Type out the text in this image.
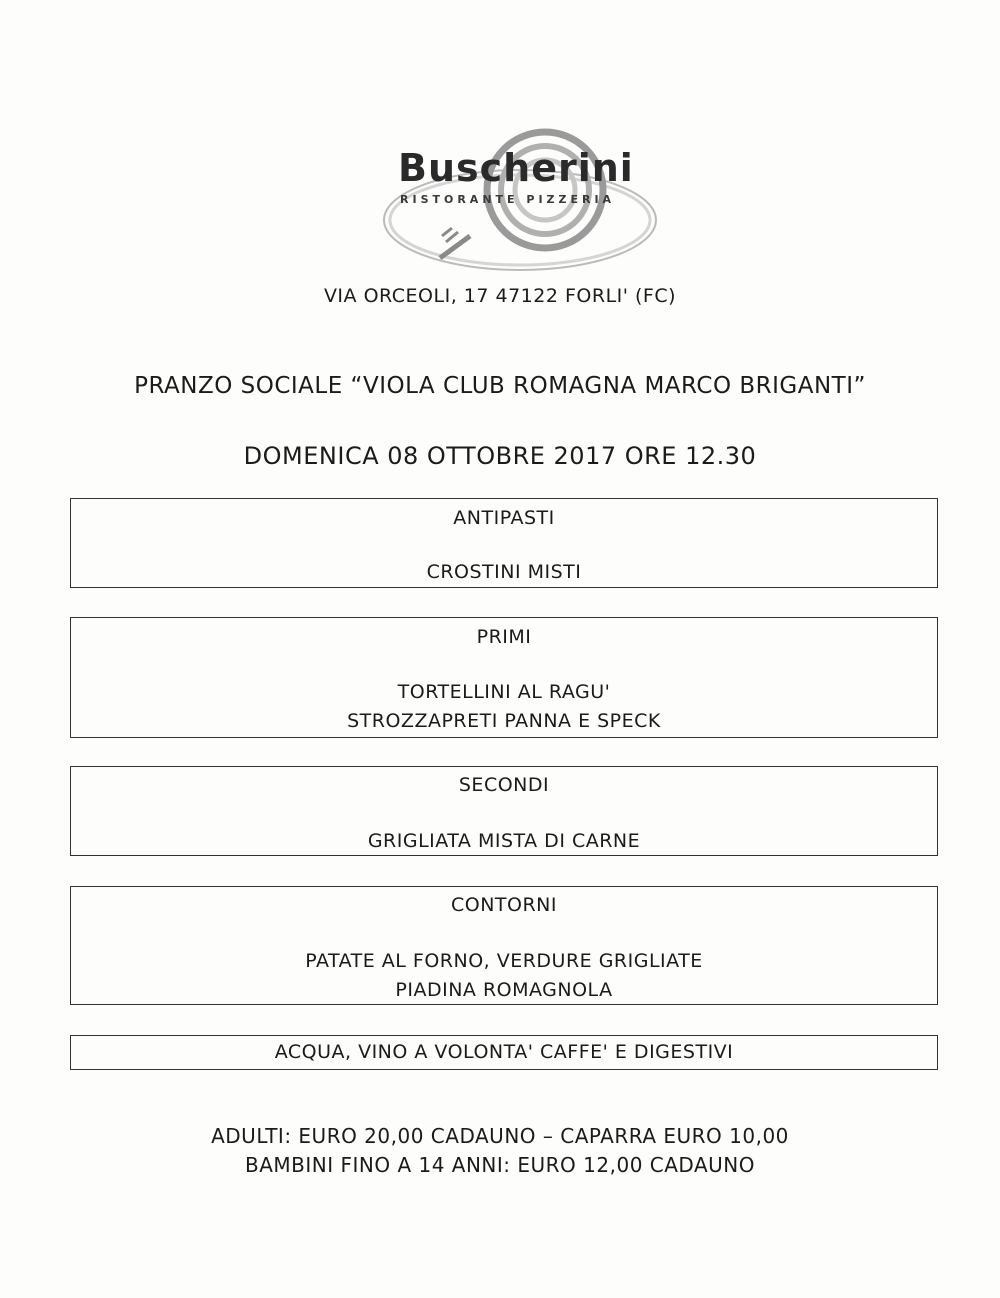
Buscherini
RISTORANTE PIZZERIA
VIA ORCEOLI, 17 47122 FORLI' (FC)
PRANZO SOCIALE “VIOLA CLUB ROMAGNA MARCO BRIGANTI”
DOMENICA 08 OTTOBRE 2017 ORE 12.30
ANTIPASTI
CROSTINI MISTI
PRIMI
TORTELLINI AL RAGU'
STROZZAPRETI PANNA E SPECK
SECONDI
GRIGLIATA MISTA DI CARNE
CONTORNI
PATATE AL FORNO, VERDURE GRIGLIATE
PIADINA ROMAGNOLA
ACQUA, VINO A VOLONTA' CAFFE' E DIGESTIVI
ADULTI: EURO 20,00 CADAUNO – CAPARRA EURO 10,00
BAMBINI FINO A 14 ANNI: EURO 12,00 CADAUNO
